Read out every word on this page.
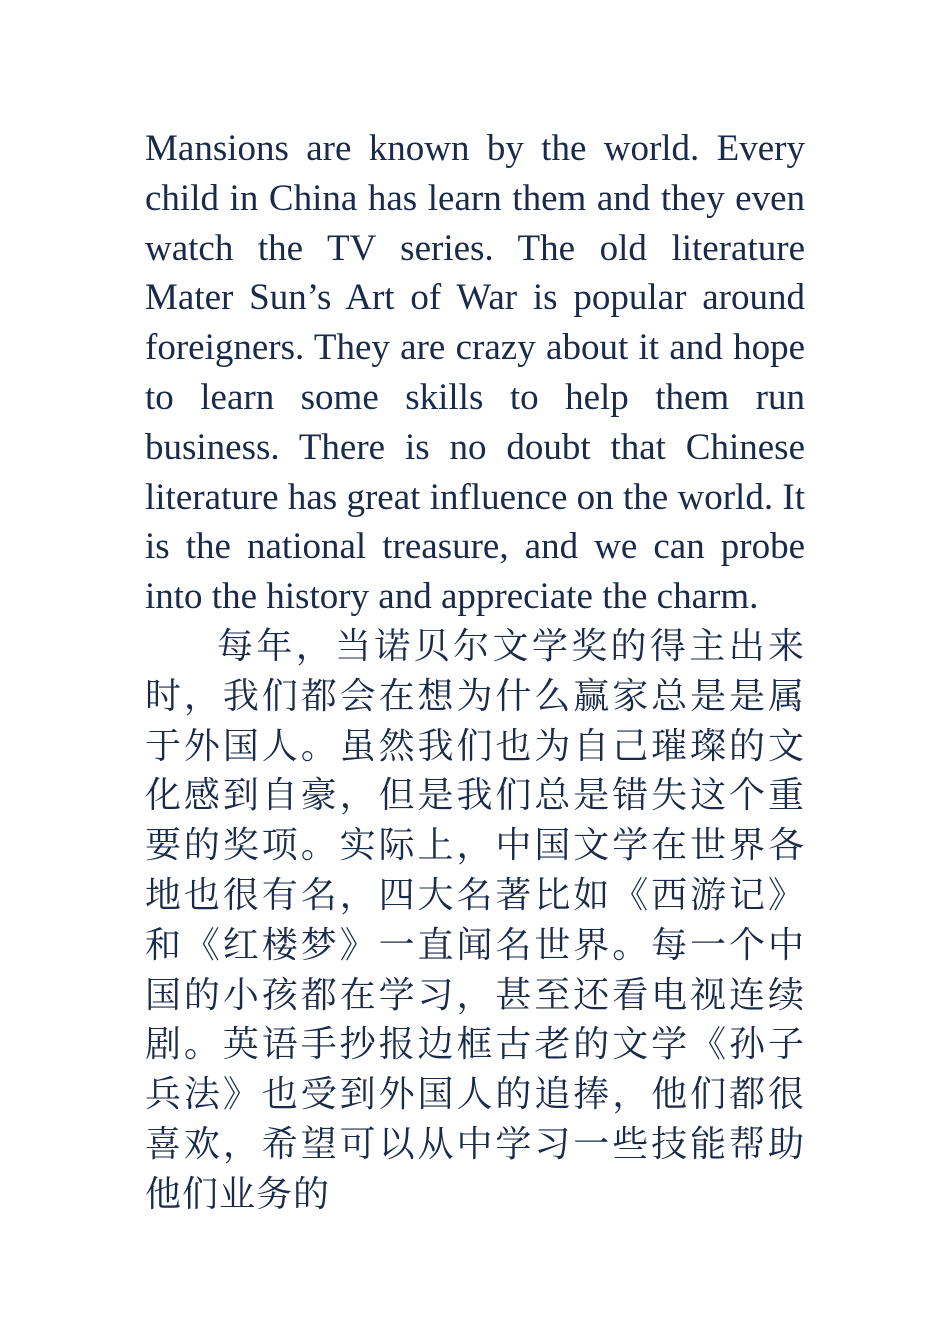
Mansions are known by the world. Every child in China has learn them and they even watch the TV series. The old literature Mater Sun’s Art of War is popular around foreigners. They are crazy about it and hope to learn some skills to help them run business. There is no doubt that Chinese literature has great influence on the world. It is the national treasure, and we can probe into the history and appreciate the charm.

每年，当诺贝尔文学奖的得主出来时，我们都会在想为什么赢家总是是属于外国人。虽然我们也为自己璀璨的文化感到自豪，但是我们总是错失这个重要的奖项。实际上，中国文学在世界各地也很有名，四大名著比如《西游记》和《红楼梦》一直闻名世界。每一个中国的小孩都在学习，甚至还看电视连续剧。英语手抄报边框古老的文学《孙子兵法》也受到外国人的追捧，他们都很喜欢，希望可以从中学习一些技能帮助他们业务的
